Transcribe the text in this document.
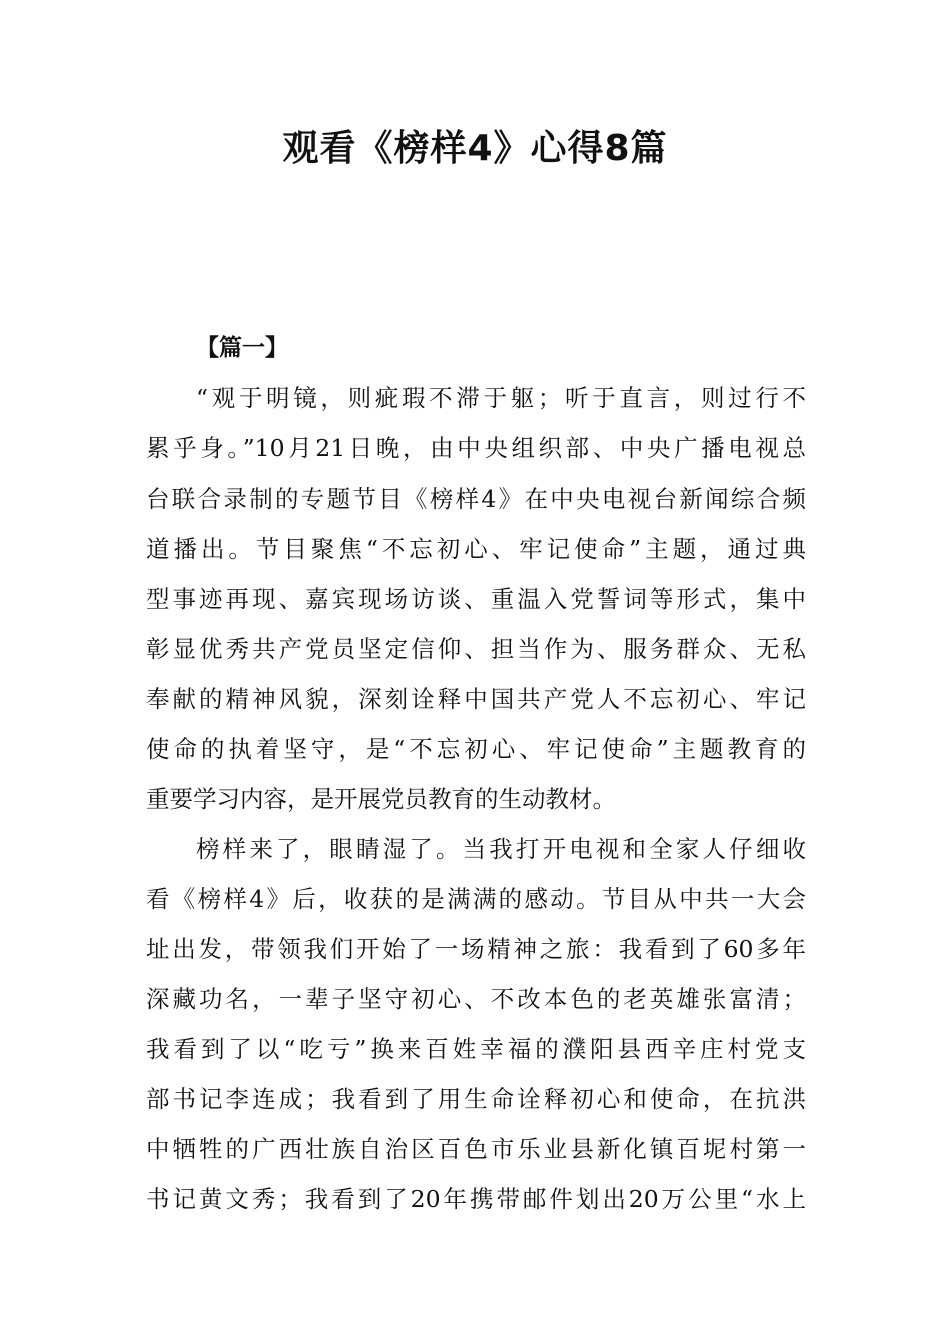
观看《榜样4》心得8篇
【篇一】
“观于明镜，则疵瑕不滞于躯；听于直言，则过行不
累乎身。”10月21日晚，由中央组织部、中央广播电视总
台联合录制的专题节目《榜样4》在中央电视台新闻综合频
道播出。节目聚焦“不忘初心、牢记使命”主题，通过典
型事迹再现、嘉宾现场访谈、重温入党誓词等形式，集中
彰显优秀共产党员坚定信仰、担当作为、服务群众、无私
奉献的精神风貌，深刻诠释中国共产党人不忘初心、牢记
使命的执着坚守，是“不忘初心、牢记使命”主题教育的
重要学习内容，是开展党员教育的生动教材。
榜样来了，眼睛湿了。当我打开电视和全家人仔细收
看《榜样4》后，收获的是满满的感动。节目从中共一大会
址出发，带领我们开始了一场精神之旅：我看到了60多年
深藏功名，一辈子坚守初心、不改本色的老英雄张富清；
我看到了以“吃亏”换来百姓幸福的濮阳县西辛庄村党支
部书记李连成；我看到了用生命诠释初心和使命，在抗洪
中牺牲的广西壮族自治区百色市乐业县新化镇百坭村第一
书记黄文秀；我看到了20年携带邮件划出20万公里“水上
